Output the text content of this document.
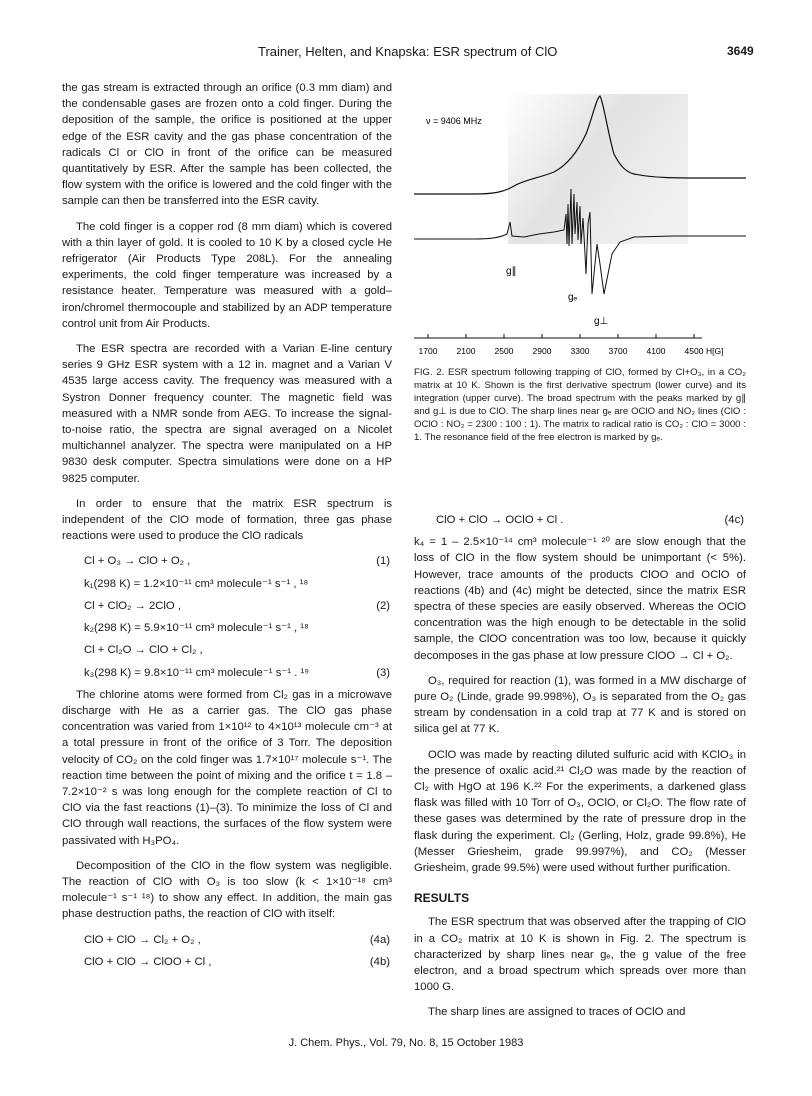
Trainer, Helten, and Knapska: ESR spectrum of ClO	3649

the gas stream is extracted through an orifice (0.3 mm diam) and the condensable gases are frozen onto a cold finger. During the deposition of the sample, the orifice is positioned at the upper edge of the ESR cavity and the gas phase concentration of the radicals Cl or ClO in front of the orifice can be measured quantitatively by ESR. After the sample has been collected, the flow system with the orifice is lowered and the cold finger with the sample can then be transferred into the ESR cavity.

The cold finger is a copper rod (8 mm diam) which is covered with a thin layer of gold. It is cooled to 10 K by a closed cycle He refrigerator (Air Products Type 208L). For the annealing experiments, the cold finger temperature was increased by a resistance heater. Temperature was measured with a gold–iron/chromel thermocouple and stabilized by an ADP temperature control unit from Air Products.

The ESR spectra are recorded with a Varian E-line century series 9 GHz ESR system with a 12 in. magnet and a Varian V 4535 large access cavity. The frequency was measured with a Systron Donner frequency counter. The magnetic field was measured with a NMR sonde from AEG. To increase the signal-to-noise ratio, the spectra are signal averaged on a Nicolet multichannel analyzer. The spectra were manipulated on a HP 9830 desk computer. Spectra simulations were done on a HP 9825 computer.

In order to ensure that the matrix ESR spectrum is independent of the ClO mode of formation, three gas phase reactions were used to produce the ClO radicals

Cl + O₃ → ClO + O₂ ,	(1)
k₁(298 K) = 1.2×10⁻¹¹ cm³ molecule⁻¹ s⁻¹ , ¹⁸
Cl + ClO₂ → 2ClO ,	(2)
k₂(298 K) = 5.9×10⁻¹¹ cm³ molecule⁻¹ s⁻¹ , ¹⁸
Cl + Cl₂O → ClO + Cl₂ ,
k₃(298 K) = 9.8×10⁻¹¹ cm³ molecule⁻¹ s⁻¹ . ¹⁹	(3)

The chlorine atoms were formed from Cl₂ gas in a microwave discharge with He as a carrier gas. The ClO gas phase concentration was varied from 1×10¹² to 4×10¹³ molecule cm⁻³ at a total pressure in front of the orifice of 3 Torr. The deposition velocity of CO₂ on the cold finger was 1.7×10¹⁷ molecule s⁻¹. The reaction time between the point of mixing and the orifice t = 1.8 – 7.2×10⁻² s was long enough for the complete reaction of Cl to ClO via the fast reactions (1)–(3). To minimize the loss of Cl and ClO through wall reactions, the surfaces of the flow system were passivated with H₃PO₄.

Decomposition of the ClO in the flow system was negligible. The reaction of ClO with O₃ is too slow (k < 1×10⁻¹⁸ cm³ molecule⁻¹ s⁻¹ ¹⁸) to show any effect. In addition, the main gas phase destruction paths, the reaction of ClO with itself:

ClO + ClO → Cl₂ + O₂ ,	(4a)
ClO + ClO → ClOO + Cl ,	(4b)
ν = 9406 MHz
g∥
gₑ
g⊥
1700 2100 2500 2900 3300 3700 4100 4500 H[G]
FIG. 2. ESR spectrum following trapping of ClO, formed by Cl+O₃, in a CO₂ matrix at 10 K. Shown is the first derivative spectrum (lower curve) and its integration (upper curve). The broad spectrum with the peaks marked by g∥ and g⊥ is due to ClO. The sharp lines near gₑ are OClO and NO₂ lines (ClO : OClO : NO₂ = 2300 : 100 : 1). The matrix to radical ratio is CO₂ : ClO = 3000 : 1. The resonance field of the free electron is marked by gₑ.
ClO + ClO → OClO + Cl .	(4c)

k₄ = 1 – 2.5×10⁻¹⁴ cm³ molecule⁻¹ ²⁰ are slow enough that the loss of ClO in the flow system should be unimportant (< 5%). However, trace amounts of the products ClOO and OClO of reactions (4b) and (4c) might be detected, since the matrix ESR spectra of these species are easily observed. Whereas the OClO concentration was the high enough to be detectable in the solid sample, the ClOO concentration was too low, because it quickly decomposes in the gas phase at low pressure ClOO → Cl + O₂.

O₃, required for reaction (1), was formed in a MW discharge of pure O₂ (Linde, grade 99.998%), O₃ is separated from the O₂ gas stream by condensation in a cold trap at 77 K and is stored on silica gel at 77 K.

OClO was made by reacting diluted sulfuric acid with KClO₃ in the presence of oxalic acid.²¹ Cl₂O was made by the reaction of Cl₂ with HgO at 196 K.²² For the experiments, a darkened glass flask was filled with 10 Torr of O₃, OClO, or Cl₂O. The flow rate of these gases was determined by the rate of pressure drop in the flask during the experiment. Cl₂ (Gerling, Holz, grade 99.8%), He (Messer Griesheim, grade 99.997%), and CO₂ (Messer Griesheim, grade 99.5%) were used without further purification.

RESULTS

The ESR spectrum that was observed after the trapping of ClO in a CO₂ matrix at 10 K is shown in Fig. 2. The spectrum is characterized by sharp lines near gₑ, the g value of the free electron, and a broad spectrum which spreads over more than 1000 G.

The sharp lines are assigned to traces of OClO and

J. Chem. Phys., Vol. 79, No. 8, 15 October 1983
